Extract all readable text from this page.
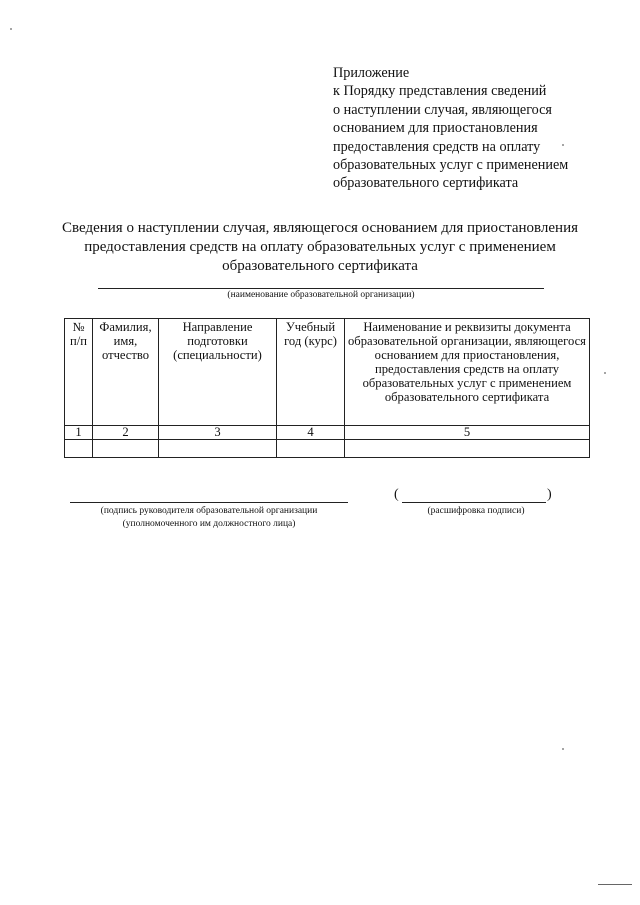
Приложение
к Порядку представления сведений
о наступлении случая, являющегося
основанием для приостановления
предоставления средств на оплату
образовательных услуг с применением
образовательного сертификата
Сведения о наступлении случая, являющегося основанием для приостановления
предоставления средств на оплату образовательных услуг с применением
образовательного сертификата
(наименование образовательной организации)
№ п/п	Фамилия, имя, отчество	Направление подготовки (специальности)	Учебный год (курс)	Наименование и реквизиты документа образовательной организации, являющегося основанием для приостановления, предоставления средств на оплату образовательных услуг с применением образовательного сертификата
1	2	3	4	5

(подпись руководителя образовательной организации
(уполномоченного им должностного лица)
(	)
(расшифровка подписи)
